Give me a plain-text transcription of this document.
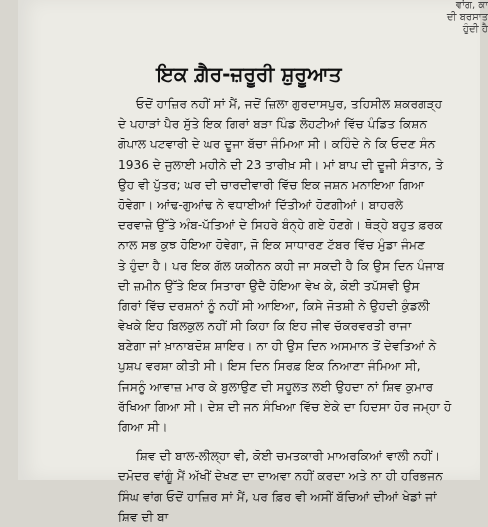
ਵਾਂਗ, ਕਾ
ਦੀ ਬਰਸਾਤ ਹੁੰਦੀ ਹੈ
ਇਕ ਗ਼ੈਰ-ਜ਼ਰੂਰੀ ਸ਼ੁਰੂਆਤ
ਓਦੋਂ ਹਾਜ਼ਿਰ ਨਹੀਂ ਸਾਂ ਮੈਂ, ਜਦੋਂ ਜ਼ਿਲਾ ਗੁਰਦਾਸਪੁਰ, ਤਹਿਸੀਲ ਸ਼ਕਰਗੜ੍ਹ
ਦੇ ਪਹਾੜਾਂ ਪੈਰ ਸੁੱਤੇ ਇਕ ਗਿਰਾਂ ਬੜਾ ਪਿੰਡ ਲੋਹਟੀਆਂ ਵਿੱਚ ਪੰਡਿਤ ਕਿਸ਼ਨ
ਗੋਪਾਲ ਪਟਵਾਰੀ ਦੇ ਘਰ ਦੂਜਾ ਬੱਚਾ ਜੰਮਿਆ ਸੀ। ਕਹਿੰਦੇ ਨੇ ਕਿ ਓਦਣ ਸੰਨ
1936 ਦੇ ਜੁਲਾਈ ਮਹੀਨੇ ਦੀ 23 ਤਾਰੀਖ਼ ਸੀ। ਮਾਂ ਬਾਪ ਦੀ ਦੂਜੀ ਸੰਤਾਨ, ਤੇ
ਉਹ ਵੀ ਪੁੱਤਰ; ਘਰ ਦੀ ਚਾਰਦੀਵਾਰੀ ਵਿੱਚ ਇਕ ਜਸ਼ਨ ਮਨਾਇਆ ਗਿਆ
ਹੋਵੇਗਾ। ਆਂਢ-ਗੁਆਂਢ ਨੇ ਵਧਾਈਆਂ ਦਿੱਤੀਆਂ ਹੋਣਗੀਆਂ। ਬਾਹਰਲੇ
ਦਰਵਾਜ਼ੇ ਉੱਤੇ ਅੰਬ-ਪੱਤਿਆਂ ਦੇ ਸਿਹਰੇ ਬੰਨ੍ਹੇ ਗਏ ਹੋਣਗੇ। ਥੋੜ੍ਹੇ ਬਹੁਤ ਫ਼ਰਕ
ਨਾਲ ਸਭ ਕੁਝ ਹੋਇਆ ਹੋਵੇਗਾ, ਜੋ ਇਕ ਸਾਧਾਰਣ ਟੱਬਰ ਵਿੱਚ ਮੁੰਡਾ ਜੰਮਣ
ਤੇ ਹੁੰਦਾ ਹੈ। ਪਰ ਇਕ ਗੱਲ ਯਕੀਨਨ ਕਹੀ ਜਾ ਸਕਦੀ ਹੈ ਕਿ ਉਸ ਦਿਨ ਪੰਜਾਬ
ਦੀ ਜ਼ਮੀਨ ਉੱਤੇ ਇਕ ਸਿਤਾਰਾ ਉਦੈ ਹੋਇਆ ਵੇਖ ਕੇ, ਕੋਈ ਤਪੱਸਵੀ ਉਸ
ਗਿਰਾਂ ਵਿੱਚ ਦਰਸ਼ਨਾਂ ਨੂੰ ਨਹੀਂ ਸੀ ਆਇਆ, ਕਿਸੇ ਜੋਤਸ਼ੀ ਨੇ ਉਹਦੀ ਕੁੰਡਲੀ
ਵੇਖਕੇ ਇਹ ਬਿਲਕੁਲ ਨਹੀਂ ਸੀ ਕਿਹਾ ਕਿ ਇਹ ਜੀਵ ਚੱਕਰਵਰਤੀ ਰਾਜਾ
ਬਣੇਗਾ ਜਾਂ ਖ਼ਾਨਾਬਦੋਸ਼ ਸ਼ਾਇਰ। ਨਾ ਹੀ ਉਸ ਦਿਨ ਅਸਮਾਨ ਤੋਂ ਦੇਵਤਿਆਂ ਨੇ
ਪੁਸ਼ਪ ਵਰਸ਼ਾ ਕੀਤੀ ਸੀ। ਇਸ ਦਿਨ ਸਿਰਫ਼ ਇਕ ਨਿਆਣਾ ਜੰਮਿਆ ਸੀ,
ਜਿਸਨੂੰ ਆਵਾਜ਼ ਮਾਰ ਕੇ ਬੁਲਾਉਣ ਦੀ ਸਹੂਲਤ ਲਈ ਉਹਦਾ ਨਾਂ ਸ਼ਿਵ ਕੁਮਾਰ
ਰੱਖਿਆ ਗਿਆ ਸੀ। ਦੇਸ਼ ਦੀ ਜਨ ਸੰਖਿਆ ਵਿੱਚ ਏਕੇ ਦਾ ਹਿਦਸਾ ਹੋਰ ਜਮ੍ਹਾ ਹੋ
ਗਿਆ ਸੀ।
ਸ਼ਿਵ ਦੀ ਬਾਲ-ਲੀਲ੍ਹਾ ਵੀ, ਕੋਈ ਚਮਤਕਾਰੀ ਮਾਅਰਕਿਆਂ ਵਾਲੀ ਨਹੀਂ।
ਦਮੋਦਰ ਵਾਂਗੂੰ ਮੈਂ ਅੱਖੀਂ ਦੇਖਣ ਦਾ ਦਾਅਵਾ ਨਹੀਂ ਕਰਦਾ ਅਤੇ ਨਾ ਹੀ ਹਰਿਭਜਨ
ਸਿੰਘ ਵਾਂਗ ਓਦੋਂ ਹਾਜ਼ਿਰ ਸਾਂ ਮੈਂ, ਪਰ ਫ਼ਿਰ ਵੀ ਅਸੀਂ ਬੱਚਿਆਂ ਦੀਆਂ ਖੇਡਾਂ ਜਾਂ
ਸ਼ਿਵ ਦੀ ਬਾ
